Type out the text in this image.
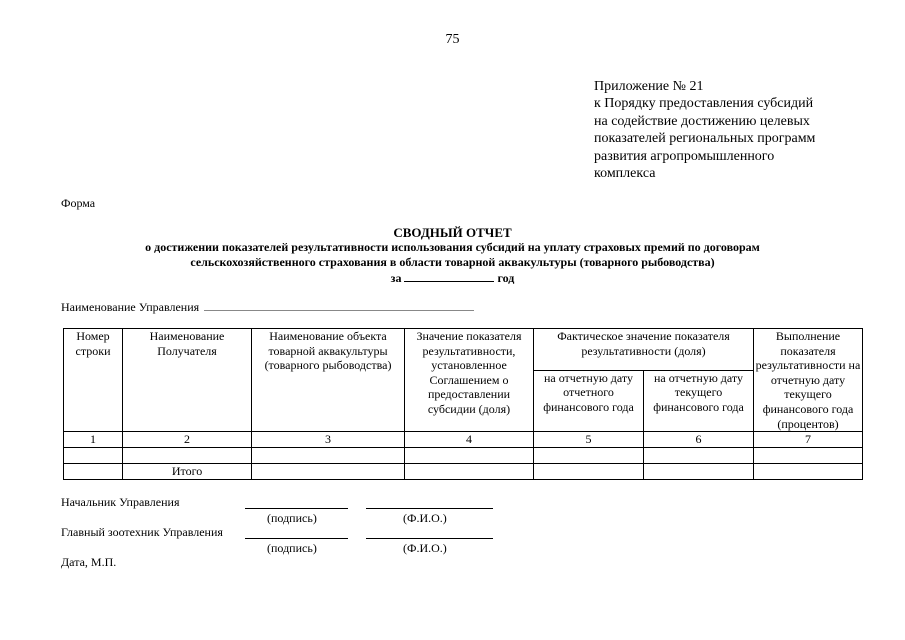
75
Приложение № 21
к Порядку предоставления субсидий
на содействие достижению целевых
показателей региональных программ
развития агропромышленного
комплекса
Форма
СВОДНЫЙ ОТЧЕТ
о достижении показателей результативности использования субсидий на уплату страховых премий по договорам
сельскохозяйственного страхования в области товарной аквакультуры (товарного рыбоводства)
за	год
Наименование Управления
Номер строки	Наименование Получателя	Наименование объекта товарной аквакультуры (товарного рыбоводства)	Значение показателя результативности, установленное Соглашением о предоставлении субсидии (доля)	Фактическое значение показателя результативности (доля)		Выполнение показателя результативности на отчетную дату текущего финансового года (процентов)
				на отчетную дату отчетного финансового года	на отчетную дату текущего финансового года	
1	2	3	4	5	6	7

	Итого					
Начальник Управления
(подпись)	(Ф.И.О.)
Главный зоотехник Управления
(подпись)	(Ф.И.О.)
Дата, М.П.
